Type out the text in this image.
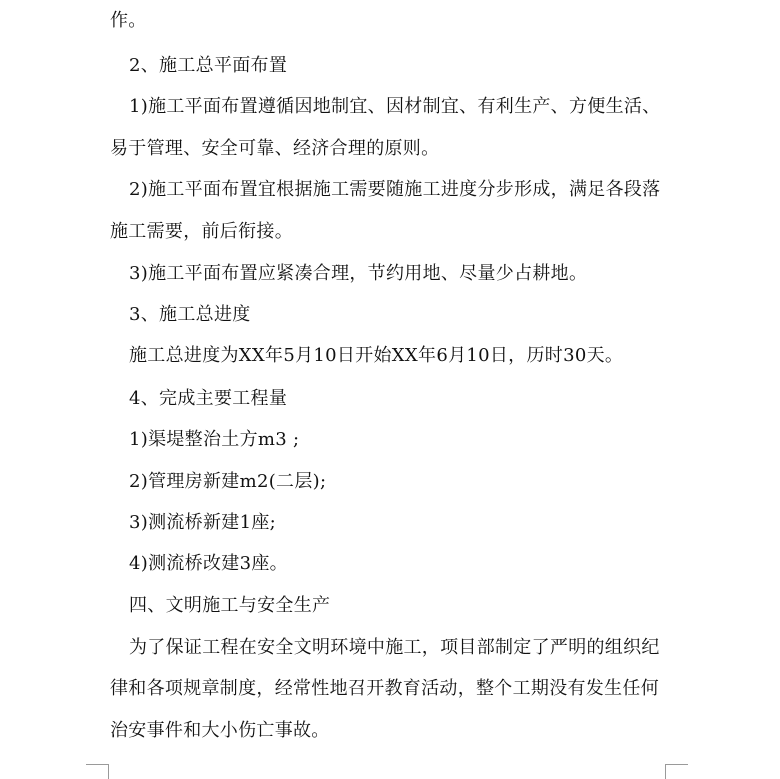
作。
2、施工总平面布置
1)施工平面布置遵循因地制宜、因材制宜、有利生产、方便生活、
易于管理、安全可靠、经济合理的原则。
2)施工平面布置宜根据施工需要随施工进度分步形成，满足各段落
施工需要，前后衔接。
3)施工平面布置应紧凑合理，节约用地、尽量少占耕地。
3、施工总进度
施工总进度为XX年5月10日开始XX年6月10日，历时30天。
4、完成主要工程量
1)渠堤整治土方m3 ;
2)管理房新建m2(二层);
3)测流桥新建1座;
4)测流桥改建3座。
四、文明施工与安全生产
为了保证工程在安全文明环境中施工，项目部制定了严明的组织纪
律和各项规章制度，经常性地召开教育活动，整个工期没有发生任何
治安事件和大小伤亡事故。
